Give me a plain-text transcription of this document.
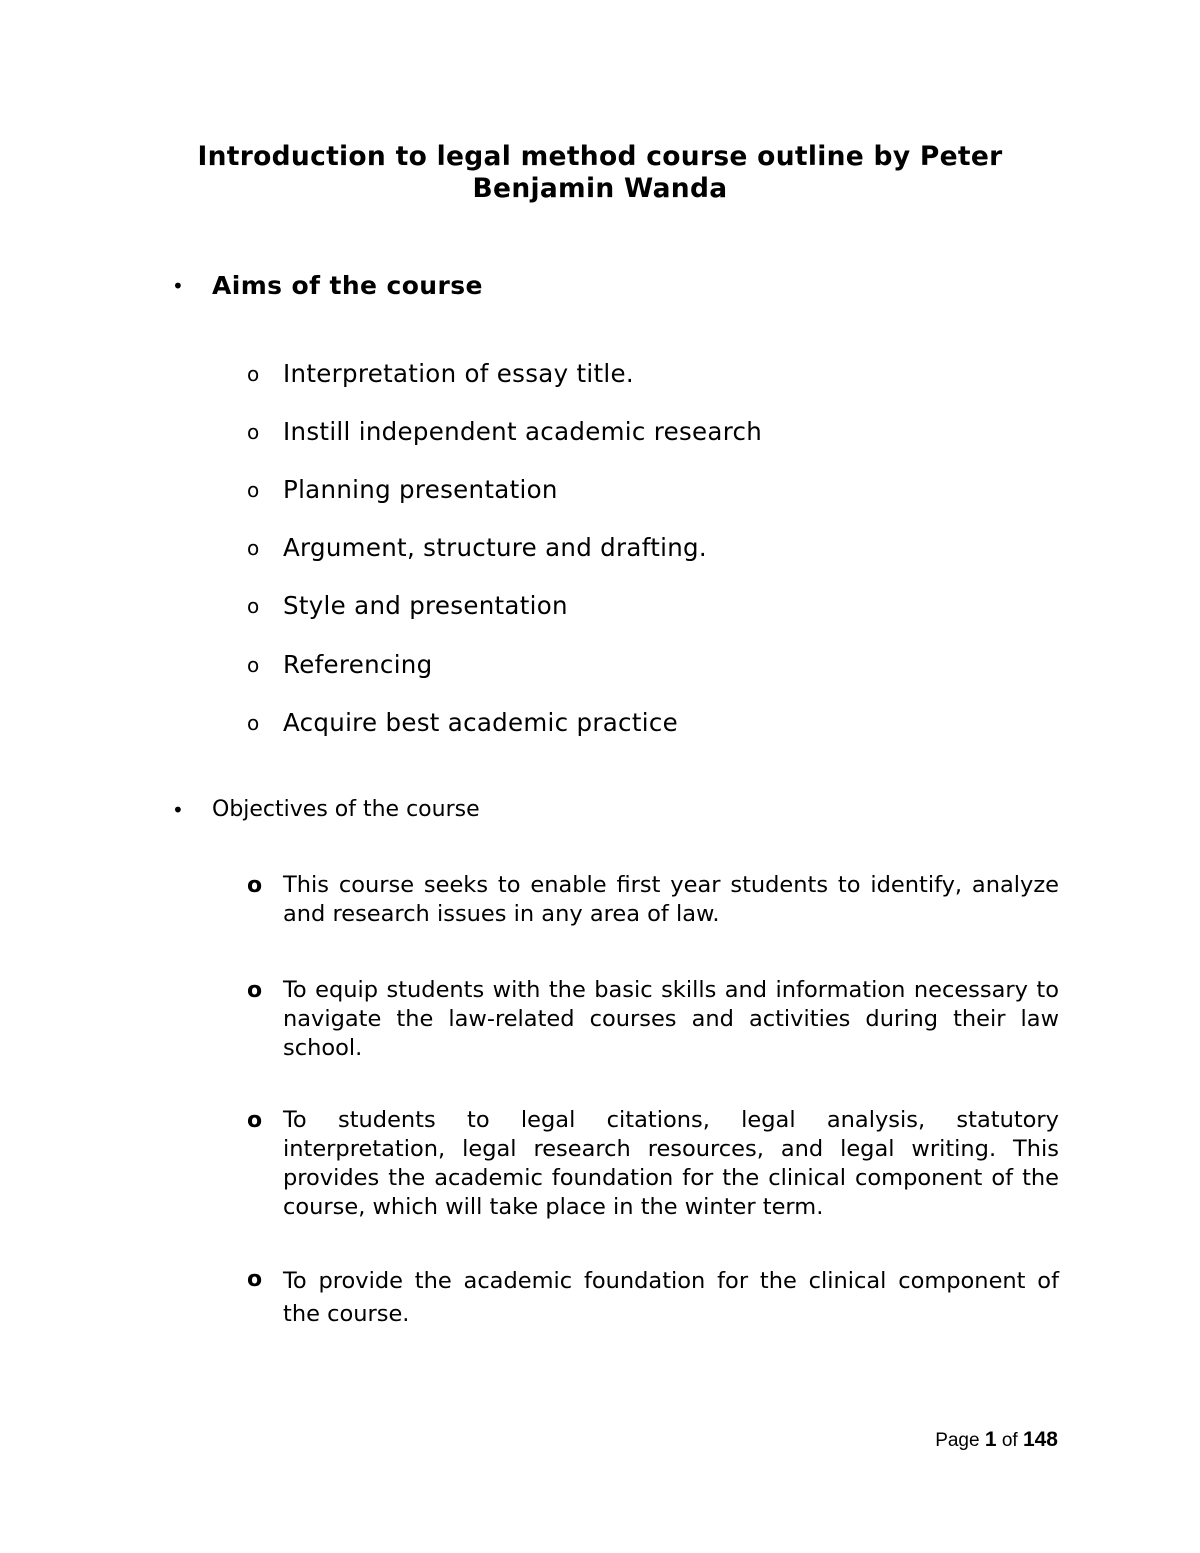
Introduction to legal method course outline by Peter
Benjamin Wanda
• Aims of the course
o Interpretation of essay title.
o Instill independent academic research
o Planning presentation
o Argument, structure and drafting.
o Style and presentation
o Referencing
o Acquire best academic practice
• Objectives of the course
o This course seeks to enable first year students to identify, analyze and research issues in any area of law.
o To equip students with the basic skills and information necessary to navigate the law-related courses and activities during their law school.
o To students to legal citations, legal analysis, statutory interpretation, legal research resources, and legal writing. This provides the academic foundation for the clinical component of the course, which will take place in the winter term.
o To provide the academic foundation for the clinical component of the course.
Page 1 of 148
